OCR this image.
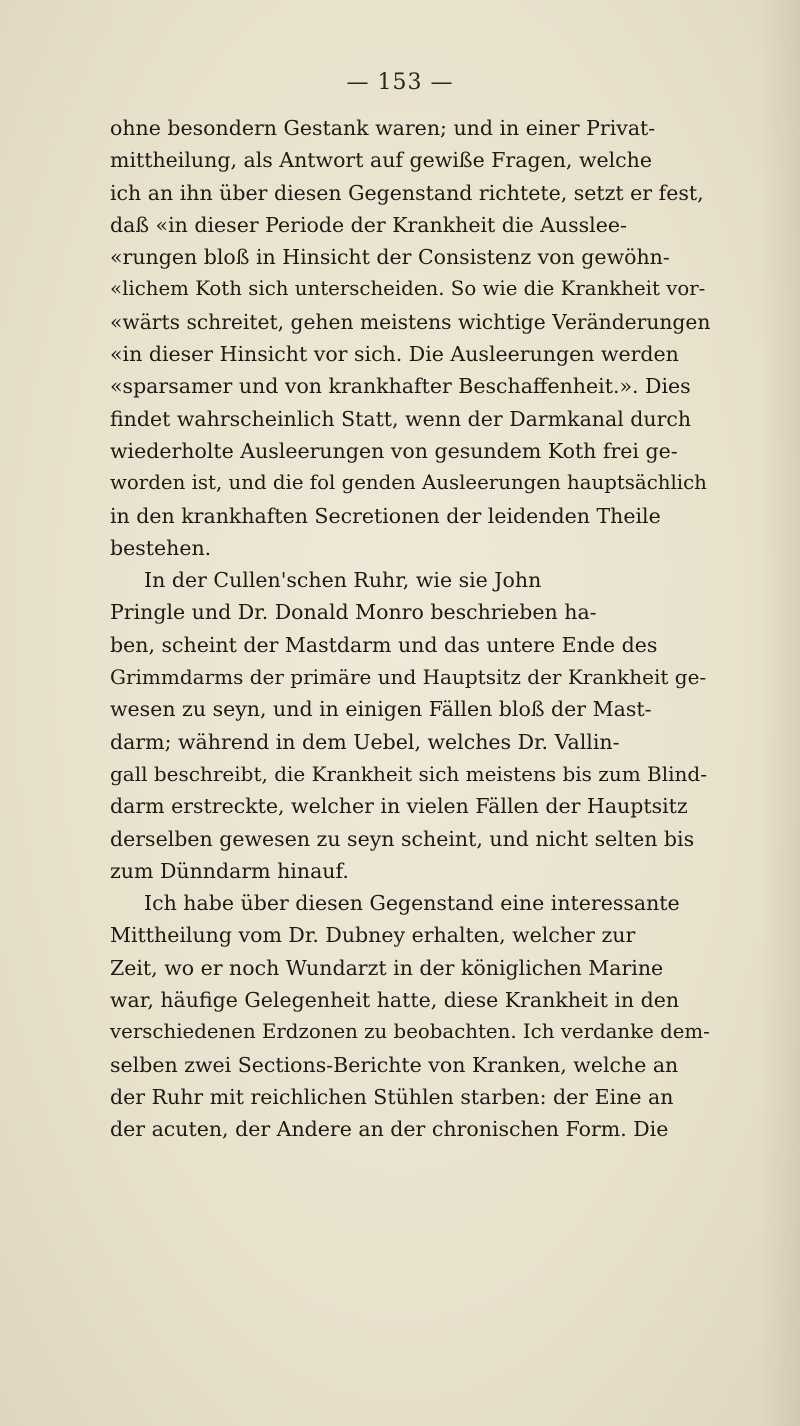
— 153 —
ohne besondern Gestank waren; und in einer Privat-
mittheilung, als Antwort auf gewiße Fragen, welche
ich an ihn über diesen Gegenstand richtete, setzt er fest,
daß «in dieser Periode der Krankheit die Ausslee-
«rungen bloß in Hinsicht der Consistenz von gewöhn-
«lichem Koth sich unterscheiden. So wie die Krankheit vor-
«wärts schreitet, gehen meistens wichtige Veränderungen
«in dieser Hinsicht vor sich. Die Ausleerungen werden
«sparsamer und von krankhafter Beschaffenheit.». Dies
findet wahrscheinlich Statt, wenn der Darmkanal durch
wiederholte Ausleerungen von gesundem Koth frei ge-
worden ist, und die fol genden Ausleerungen hauptsächlich
in den krankhaften Secretionen der leidenden Theile
bestehen.
In der Cullen'schen Ruhr, wie sie John
Pringle und Dr. Donald Monro beschrieben ha-
ben, scheint der Mastdarm und das untere Ende des
Grimmdarms der primäre und Hauptsitz der Krankheit ge-
wesen zu seyn, und in einigen Fällen bloß der Mast-
darm; während in dem Uebel, welches Dr. Vallin-
gall beschreibt, die Krankheit sich meistens bis zum Blind-
darm erstreckte, welcher in vielen Fällen der Hauptsitz
derselben gewesen zu seyn scheint, und nicht selten bis
zum Dünndarm hinauf.
Ich habe über diesen Gegenstand eine interessante
Mittheilung vom Dr. Dubney erhalten, welcher zur
Zeit, wo er noch Wundarzt in der königlichen Marine
war, häufige Gelegenheit hatte, diese Krankheit in den
verschiedenen Erdzonen zu beobachten. Ich verdanke dem-
selben zwei Sections-Berichte von Kranken, welche an
der Ruhr mit reichlichen Stühlen starben: der Eine an
der acuten, der Andere an der chronischen Form. Die
